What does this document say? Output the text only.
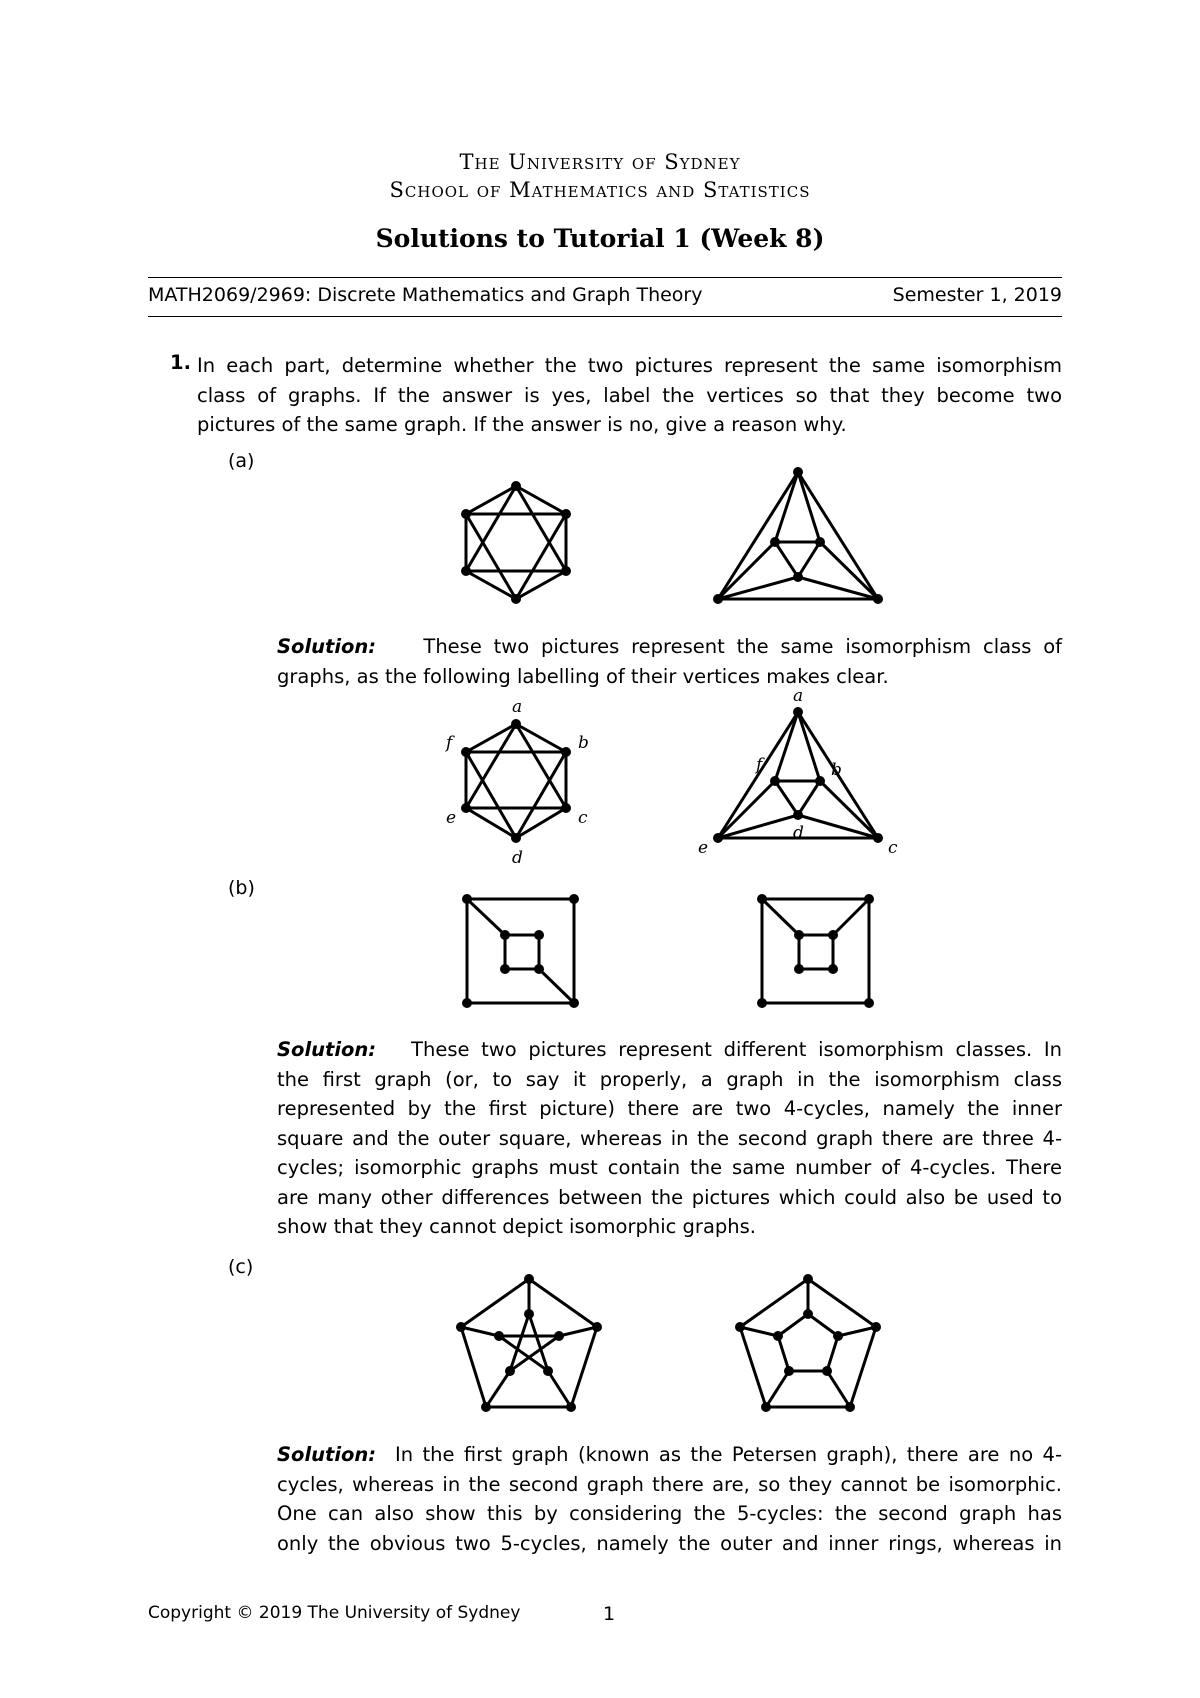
The University of Sydney
School of Mathematics and Statistics
Solutions to Tutorial 1 (Week 8)
MATH2069/2969: Discrete Mathematics and Graph Theory	Semester 1, 2019
1. In each part, determine whether the two pictures represent the same isomorphism
class of graphs. If the answer is yes, label the vertices so that they become two
pictures of the same graph. If the answer is no, give a reason why.
(a)
Solution: These two pictures represent the same isomorphism class of
graphs, as the following labelling of their vertices makes clear.
a
b
c
d
e
f
a
b
c
d
e
f
(b)
Solution: These two pictures represent different isomorphism classes. In
the first graph (or, to say it properly, a graph in the isomorphism class
represented by the first picture) there are two 4-cycles, namely the inner
square and the outer square, whereas in the second graph there are three 4-
cycles; isomorphic graphs must contain the same number of 4-cycles. There
are many other differences between the pictures which could also be used to
show that they cannot depict isomorphic graphs.
(c)
Solution: In the first graph (known as the Petersen graph), there are no 4-
cycles, whereas in the second graph there are, so they cannot be isomorphic.
One can also show this by considering the 5-cycles: the second graph has
only the obvious two 5-cycles, namely the outer and inner rings, whereas in
Copyright © 2019 The University of Sydney	1
